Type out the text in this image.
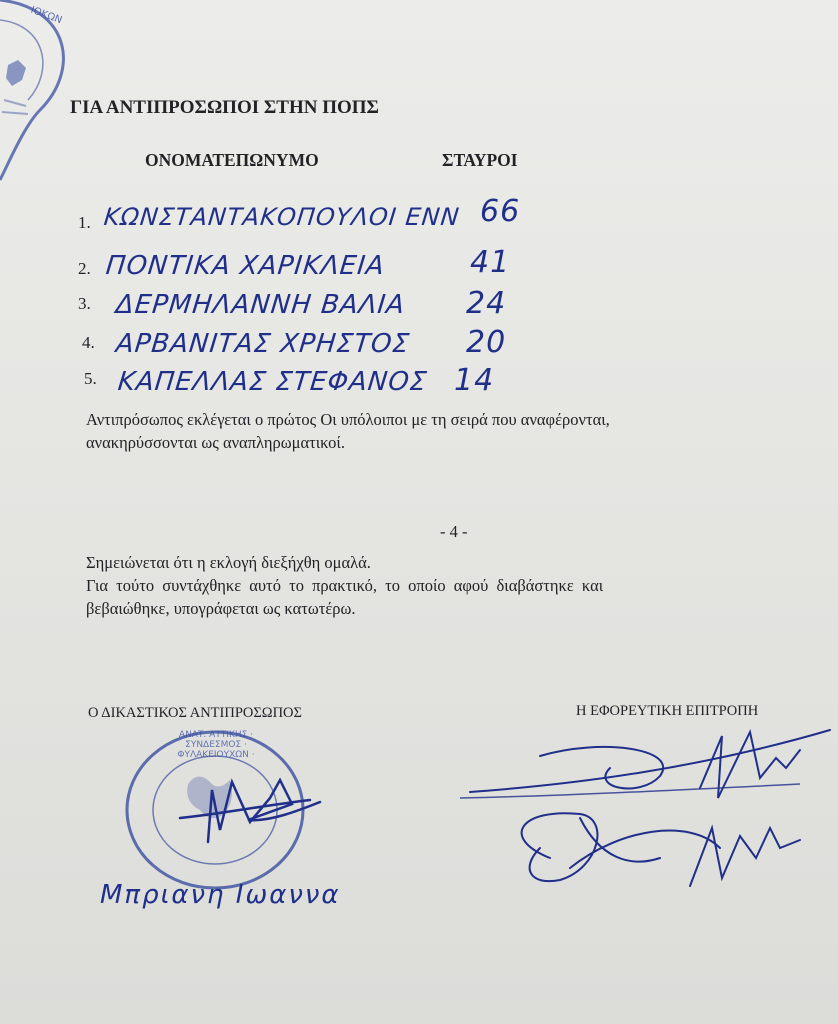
ΙΟΚΩΝ
ΓΙΑ ΑΝΤΙΠΡΟΣΩΠΟΙ ΣΤΗΝ ΠΟΠΣ
ΟΝΟΜΑΤΕΠΩΝΥΜΟ	ΣΤΑΥΡΟΙ
1. ΚΩΝΣΤΑΝΤΑΚΟΠΟΥΛΟΙ ΕΝΝ 66
2. ΠΟΝΤΙΚΑ ΧΑΡΙΚΛΕΙΑ	41
3. ΔΕΡΜΗΛΑΝΝΗ ΒΑΛΙΑ 24
4. ΑΡΒΑΝΙΤΑΣ ΧΡΗΣΤΟΣ 20
5. ΚΑΠΕΛΛΑΣ ΣΤΕΦΑΝΟΣ 14
Αντιπρόσωπος εκλέγεται ο πρώτος Οι υπόλοιποι με τη σειρά που αναφέρονται,
ανακηρύσσονται ως αναπληρωματικοί.
- 4 -
Σημειώνεται ότι η εκλογή διεξήχθη ομαλά.
Για τούτο συντάχθηκε αυτό το πρακτικό, το οποίο αφού διαβάστηκε και
βεβαιώθηκε, υπογράφεται ως κατωτέρω.
Ο ΔΙΚΑΣΤΙΚΟΣ ΑΝΤΙΠΡΟΣΩΠΟΣ	Η ΕΦΟΡΕΥΤΙΚΗ ΕΠΙΤΡΟΠΗ
ΑΝΑΤ. ΑΤΤΙΚΗΣ · ΣΥΝΔΕΣΜΟΣ · ΦΥΛΑΚΕΙΟΥΧΩΝ ·
Μπριανη Ιωαννα
